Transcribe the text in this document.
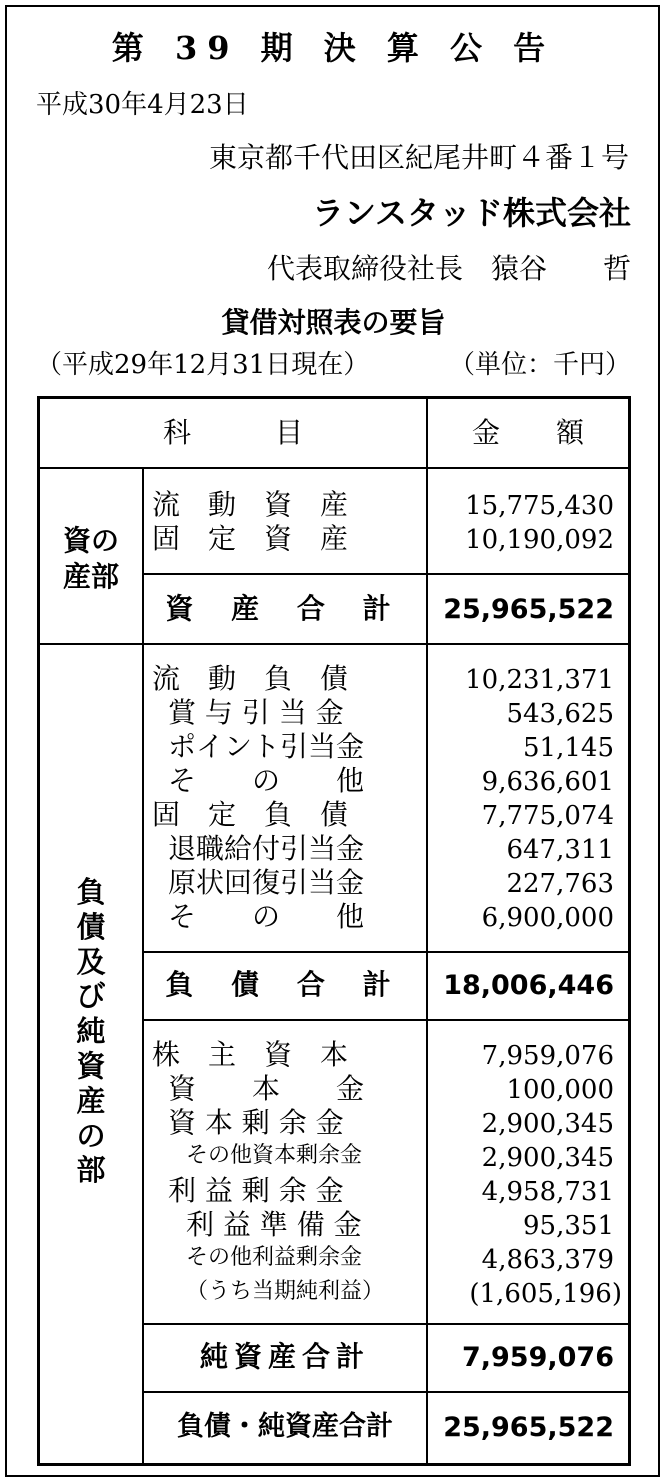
第 39 期 決 算 公 告
平成30年4月23日
東京都千代田区紀尾井町４番１号
ランスタッド株式会社
代表取締役社長　猿谷　　哲
貸借対照表の要旨
（平成29年12月31日現在）	（単位：千円）
科　　　目	金　　額
資の
産部
流　動　資　産	15,775,430
固　定　資　産	10,190,092
資 産 合 計	25,965,522
負
債
及
び
純
資
産
の
部
流　動　負　債	10,231,371
賞 与 引 当 金	543,625
ポイント引当金	51,145
そ　　の　　他	9,636,601
固　定　負　債	7,775,074
退職給付引当金	647,311
原状回復引当金	227,763
そ　　の　　他	6,900,000
負 債 合 計	18,006,446
株　主　資　本	7,959,076
資　　本　　金	100,000
資 本 剰 余 金	2,900,345
その他資本剰余金	2,900,345
利 益 剰 余 金	4,958,731
利 益 準 備 金	95,351
その他利益剰余金	4,863,379
（うち当期純利益）	(1,605,196)
純資産合計	7,959,076
負債・純資産合計	25,965,522
